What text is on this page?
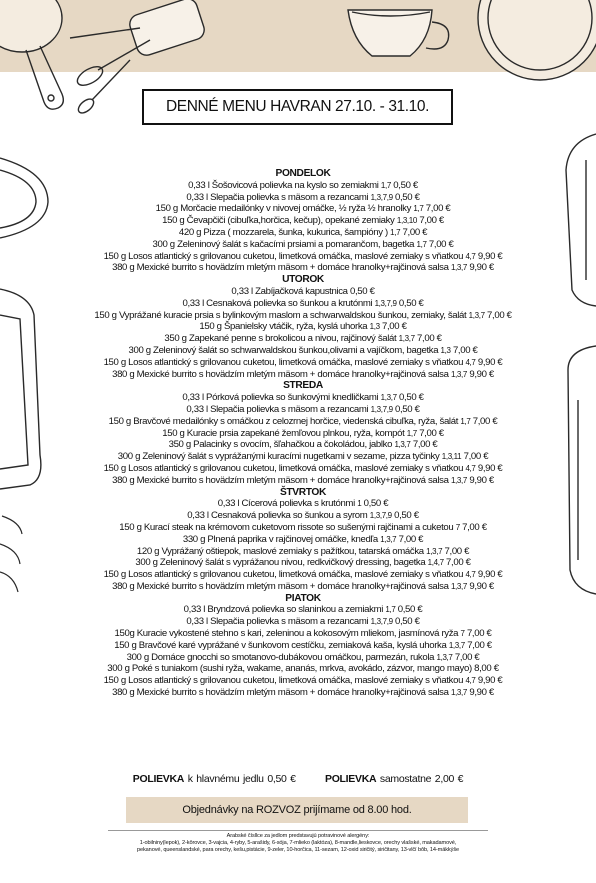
DENNÉ MENU HAVRAN 27.10. - 31.10.
PONDELOK
0,33 l Šošovicová polievka na kyslo so zemiakmi 1,7 0,50 €
0,33 l Slepačia polievka s mäsom a rezancami 1,3,7,9 0,50 €
150 g Morčacie medailónky v nivovej omáčke, ½ ryža ½ hranolky 1,7 7,00 €
150 g Čevapčiči (cibuľka,horčica, kečup), opekané zemiaky 1,3,10 7,00 €
420 g Pizza ( mozzarela, šunka, kukurica, šampióny ) 1,7 7,00 €
300 g Zeleninový šalát s kačacími prsiami a pomarančom, bagetka 1,7 7,00 €
150 g Losos atlantický s grilovanou cuketou, limetková omáčka, maslové zemiaky s vňatkou 4,7 9,90 €
380 g Mexické burrito s hovädzím mletým mäsom + domáce hranolky+rajčinová salsa 1,3,7 9,90 €
UTOROK
0,33 l Zabíjačková kapustnica 0,50 €
0,33 l Cesnaková polievka so šunkou a krutónmi 1,3,7,9 0,50 €
150 g Vyprážané kuracie prsia s bylinkovým maslom a schwarwaldskou šunkou, zemiaky, šalát 1,3,7 7,00 €
150 g Španielsky vtáčik, ryža, kyslá uhorka 1,3 7,00 €
350 g Zapekané penne s brokolicou a nivou, rajčinový šalát 1,3,7 7,00 €
300 g Zeleninový šalát so schwarwaldskou šunkou,olivami a vajíčkom, bagetka 1,3 7,00 €
150 g Losos atlantický s grilovanou cuketou, limetková omáčka, maslové zemiaky s vňatkou 4,7 9,90 €
380 g Mexické burrito s hovädzím mletým mäsom + domáce hranolky+rajčinová salsa 1,3,7 9,90 €
STREDA
0,33 l Pórková polievka so šunkovými knedličkami 1,3,7 0,50 €
0,33 l Slepačia polievka s mäsom a rezancami 1,3,7,9 0,50 €
150 g Bravčové medailónky s omáčkou z celozrnej horčice, viedenská cibuľka, ryža, šalát 1,7 7,00 €
150 g Kuracie prsia zapekané žemľovou plnkou, ryža, kompót 1,7 7,00 €
350 g Palacinky s ovocím, šľahačkou a čokoládou, jablko 1,3,7 7,00 €
300 g Zeleninový šalát s vyprážanými kuracími nugetkami v sezame, pizza tyčinky 1,3,11 7,00 €
150 g Losos atlantický s grilovanou cuketou, limetková omáčka, maslové zemiaky s vňatkou 4,7 9,90 €
380 g Mexické burrito s hovädzím mletým mäsom + domáce hranolky+rajčinová salsa 1,3,7 9,90 €
ŠTVRTOK
0,33 l Cícerová polievka s krutónmi 1 0,50 €
0,33 l Cesnaková polievka so šunkou a syrom 1,3,7,9 0,50 €
150 g Kurací steak na krémovom cuketovom rissote so sušenými rajčinami a cuketou 7 7,00 €
330 g Plnená paprika v rajčinovej omáčke, knedľa 1,3,7 7,00 €
120 g Vyprážaný oštiepok, maslové zemiaky s pažítkou, tatarská omáčka 1,3,7 7,00 €
300 g Zeleninový šalát s vyprážanou nivou, redkvičkový dressing, bagetka 1,4,7 7,00 €
150 g Losos atlantický s grilovanou cuketou, limetková omáčka, maslové zemiaky s vňatkou 4,7 9,90 €
380 g Mexické burrito s hovädzím mletým mäsom + domáce hranolky+rajčinová salsa 1,3,7 9,90 €
PIATOK
0,33 l Bryndzová polievka so slaninkou a zemiakmi 1,7 0,50 €
0,33 l Slepačia polievka s mäsom a rezancami 1,3,7,9 0,50 €
150g Kuracie vykostené stehno s kari, zeleninou a kokosovým mliekom, jasmínová ryža 7 7,00 €
150 g Bravčové karé vyprážané v šunkovom cestíčku, zemiaková kaša, kyslá uhorka 1,3,7 7,00 €
300 g Domáce gnocchi so smotanovo-dubákovou omáčkou, parmezán, rukola 1,3,7 7,00 €
300 g Poké s tuniakom (sushi ryža, wakame, ananás, mrkva, avokádo, zázvor, mango mayo) 8,00 €
150 g Losos atlantický s grilovanou cuketou, limetková omáčka, maslové zemiaky s vňatkou 4,7 9,90 €
380 g Mexické burrito s hovädzím mletým mäsom + domáce hranolky+rajčinová salsa 1,3,7 9,90 €
POLIEVKA k hlavnému jedlu 0,50 €	POLIEVKA samostatne 2,00 €
Objednávky na ROZVOZ prijímame od 8.00 hod.
Arabské čísllce za jedlom predstavujú potravinové alergény:
1-obilniny(lepok), 2-kôrovce, 3-vajcia, 4-ryby, 5-arašidy, 6-sója, 7-mlieko (laktóza), 8-mandle,lieskovce, orechy vlašské, makadamové,
pekanové, queenslandské, para orechy, kešu,pistácie, 9-zeler, 10-horčica, 11-sezam, 12-oxid siričitý, siričitany, 13-vlčí bôb, 14-mäkkýše
